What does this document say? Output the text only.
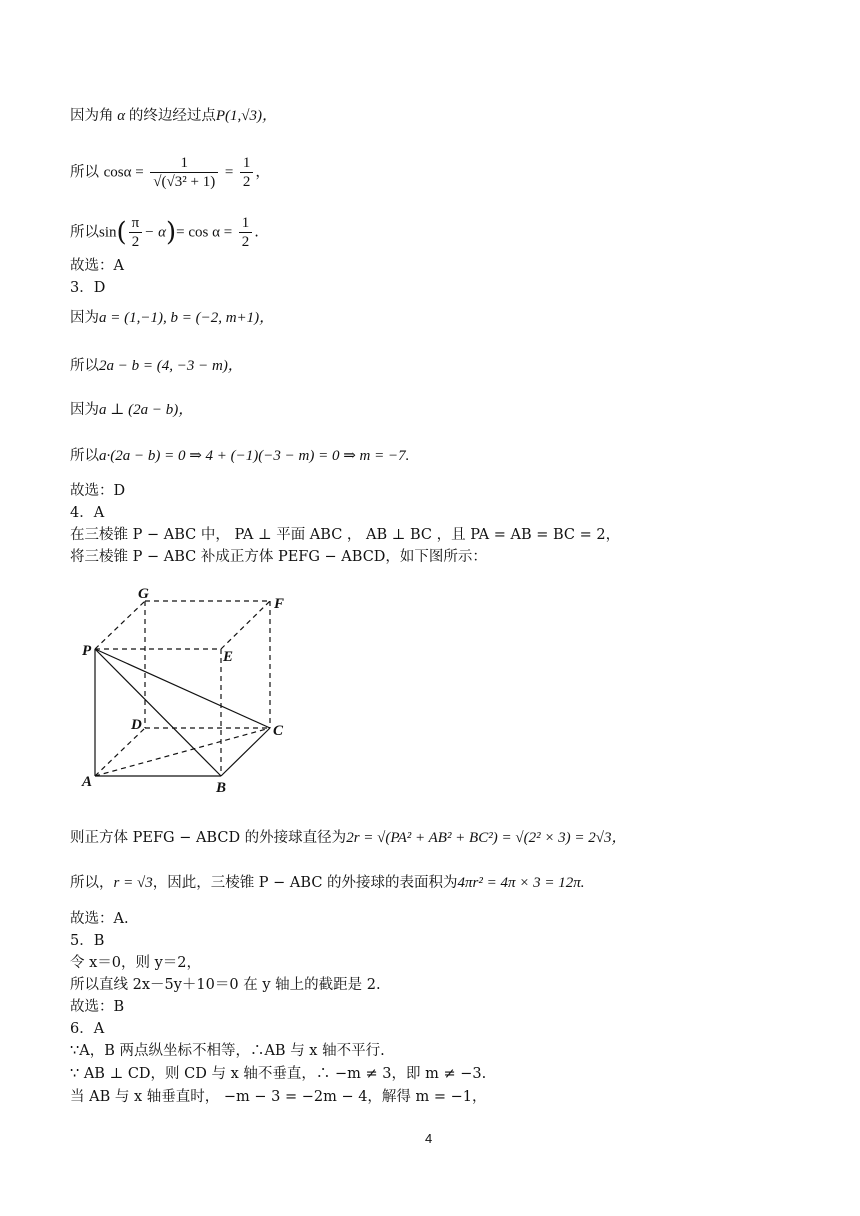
因为角 α 的终边经过点P(1,√3)，
所以 $\cos\alpha = \frac{1}{\text{√(√3² + 1)}} = \frac{1}{2}$ ，
所以$\sin( \frac{\pi}{2} - \alpha)= \cos \alpha = \frac{1}{2}$ .
故选：A
3．D
因为a = (1,−1), b = (−2, m+1)，
所以2a − b = (4, −3 − m)，
因为a ⊥ (2a − b)，
所以a·(2a − b) = 0 ⇒ 4 + (−1)(−3 − m) = 0 ⇒ m = −7.
故选：D
4．A
在三棱锥 P − ABC 中， PA ⊥ 平面 ABC ， AB ⊥ BC ，且 PA = AB = BC = 2，
将三棱锥 P − ABC 补成正方体 PEFG − ABCD，如下图所示：
G
F
P	E
D	C
A	B
则正方体 PEFG − ABCD 的外接球直径为2r = √(PA² + AB² + BC²) = √(2² × 3) = 2√3，
所以，r = √3，因此，三棱锥 P − ABC 的外接球的表面积为4πr² = 4π × 3 = 12π.
故选：A.
5．B
令 x＝0，则 y＝2，
所以直线 2x－5y＋10＝0 在 y 轴上的截距是 2.
故选：B
6．A
∵A，B 两点纵坐标不相等，∴AB 与 x 轴不平行.
∵ AB ⊥ CD，则 CD 与 x 轴不垂直，∴ −m ≠ 3，即 m ≠ −3.
当 AB 与 x 轴垂直时， −m − 3 = −2m − 4，解得 m = −1，
4
